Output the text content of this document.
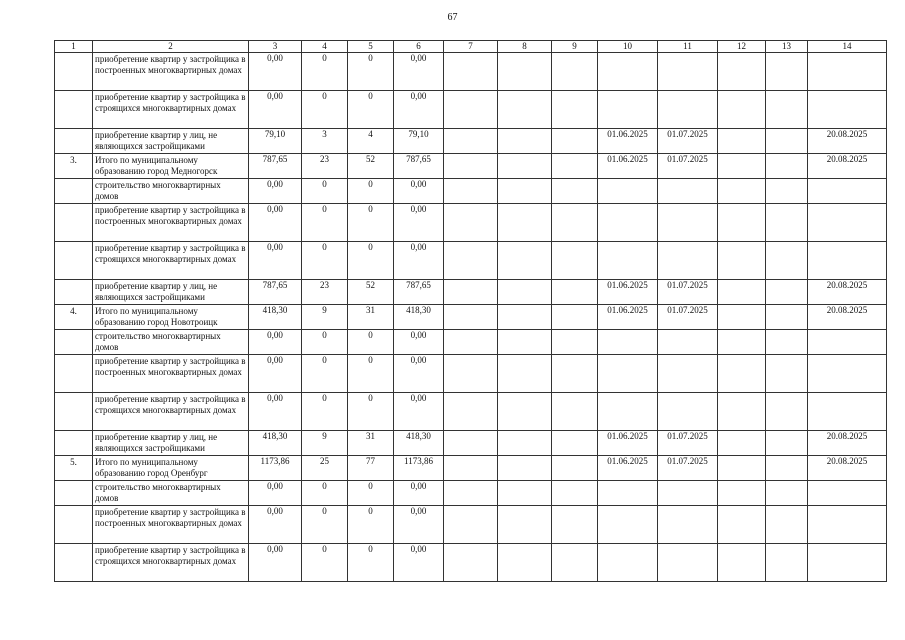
67
1	2	3	4	5	6	7	8	9	10	11	12	13	14
	приобретение квартир у застройщика в построенных многоквартирных домах	0,00	0	0	0,00								
	приобретение квартир у застройщика в строящихся многоквартирных домах	0,00	0	0	0,00								
	приобретение квартир у лиц, не являющихся застройщиками	79,10	3	4	79,10				01.06.2025	01.07.2025			20.08.2025
3.	Итого по муниципальному образованию город Медногорск	787,65	23	52	787,65				01.06.2025	01.07.2025			20.08.2025
	строительство многоквартирных домов	0,00	0	0	0,00								
	приобретение квартир у застройщика в построенных многоквартирных домах	0,00	0	0	0,00								
	приобретение квартир у застройщика в строящихся многоквартирных домах	0,00	0	0	0,00								
	приобретение квартир у лиц, не являющихся застройщиками	787,65	23	52	787,65				01.06.2025	01.07.2025			20.08.2025
4.	Итого по муниципальному образованию город Новотроицк	418,30	9	31	418,30				01.06.2025	01.07.2025			20.08.2025
	строительство многоквартирных домов	0,00	0	0	0,00								
	приобретение квартир у застройщика в построенных многоквартирных домах	0,00	0	0	0,00								
	приобретение квартир у застройщика в строящихся многоквартирных домах	0,00	0	0	0,00								
	приобретение квартир у лиц, не являющихся застройщиками	418,30	9	31	418,30				01.06.2025	01.07.2025			20.08.2025
5.	Итого по муниципальному образованию город Оренбург	1173,86	25	77	1173,86				01.06.2025	01.07.2025			20.08.2025
	строительство многоквартирных домов	0,00	0	0	0,00								
	приобретение квартир у застройщика в построенных многоквартирных домах	0,00	0	0	0,00								
	приобретение квартир у застройщика в строящихся многоквартирных домах	0,00	0	0	0,00								
